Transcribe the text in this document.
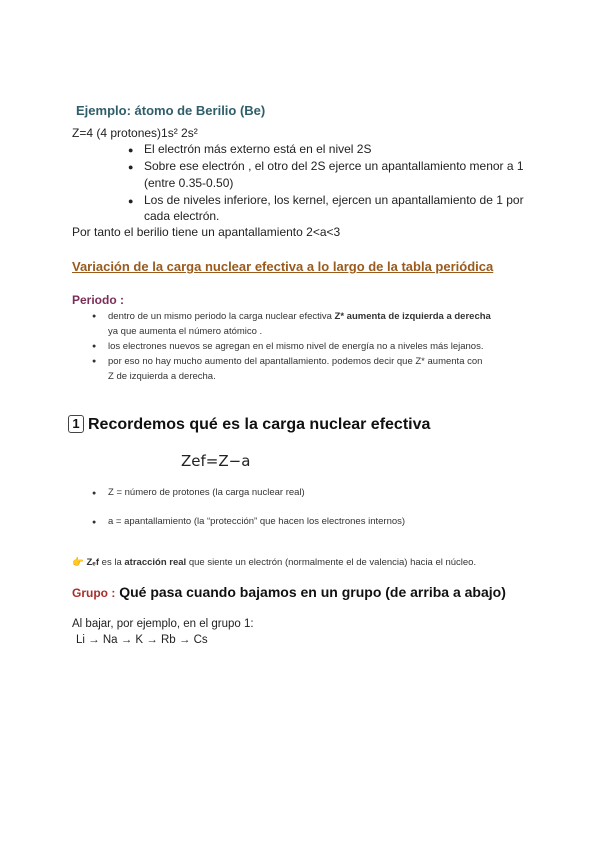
Ejemplo: átomo de Berilio (Be)
Z=4 (4 protones)1s² 2s²
● El electrón más externo está en el nivel 2S
● Sobre ese electrón , el otro del 2S ejerce un apantallamiento menor a 1
(entre 0.35-0.50)
● Los de niveles inferiore, los kernel, ejercen un apantallamiento de 1 por
cada electrón.
Por tanto el berilio tiene un apantallamiento 2<a<3
Variación de la carga nuclear efectiva a lo largo de la tabla periódica
Periodo :
● dentro de un mismo periodo la carga nuclear efectiva Z* aumenta de izquierda a derecha
ya que aumenta el número atómico .
● los electrones nuevos se agregan en el mismo nivel de energía no a niveles más lejanos.
● por eso no hay mucho aumento del apantallamiento. podemos decir que Z* aumenta con
Z de izquierda a derecha.
1 Recordemos qué es la carga nuclear efectiva
Zef=Z−a
● Z = número de protones (la carga nuclear real)
● a = apantallamiento (la “protección” que hacen los electrones internos)
👉 Zₑf es la atracción real que siente un electrón (normalmente el de valencia) hacia el núcleo.
Grupo : Qué pasa cuando bajamos en un grupo (de arriba a abajo)
Al bajar, por ejemplo, en el grupo 1:
Li → Na → K → Rb → Cs
